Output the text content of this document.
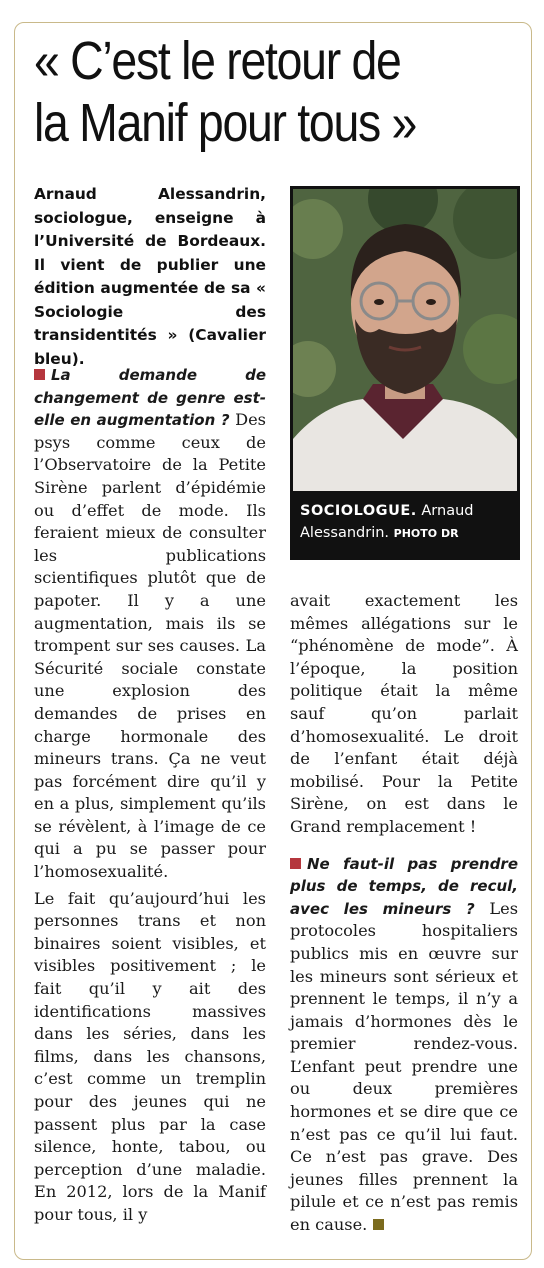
« C’est le retour de
la Manif pour tous »
Arnaud Alessandrin, sociologue, enseigne à l’Université de Bordeaux. Il vient de publier une édition augmentée de sa « Sociologie des transidentités » (Cavalier bleu).
SOCIOLOGUE. Arnaud Alessandrin. PHOTO DR

La demande de changement de genre est-elle en augmentation ? Des psys comme ceux de l’Observatoire de la Petite Sirène parlent d’épidémie ou d’effet de mode. Ils feraient mieux de consulter les publications scientifiques plutôt que de papoter. Il y a une augmentation, mais ils se trompent sur ses causes. La Sécurité sociale constate une explosion des demandes de prises en charge hormonale des mineurs trans. Ça ne veut pas forcément dire qu’il y en a plus, simplement qu’ils se révèlent, à l’image de ce qui a pu se passer pour l’homosexualité.

Le fait qu’aujourd’hui les personnes trans et non binaires soient visibles, et visibles positivement ; le fait qu’il y ait des identifications massives dans les séries, dans les films, dans les chansons, c’est comme un tremplin pour des jeunes qui ne passent plus par la case silence, honte, tabou, ou perception d’une maladie. En 2012, lors de la Manif pour tous, il y

avait exactement les mêmes allégations sur le “phénomène de mode”. À l’époque, la position politique était la même sauf qu’on parlait d’homosexualité. Le droit de l’enfant était déjà mobilisé. Pour la Petite Sirène, on est dans le Grand remplacement !

Ne faut-il pas prendre plus de temps, de recul, avec les mineurs ? Les protocoles hospitaliers publics mis en œuvre sur les mineurs sont sérieux et prennent le temps, il n’y a jamais d’hormones dès le premier rendez-vous. L’enfant peut prendre une ou deux premières hormones et se dire que ce n’est pas ce qu’il lui faut. Ce n’est pas grave. Des jeunes filles prennent la pilule et ce n’est pas remis en cause.
